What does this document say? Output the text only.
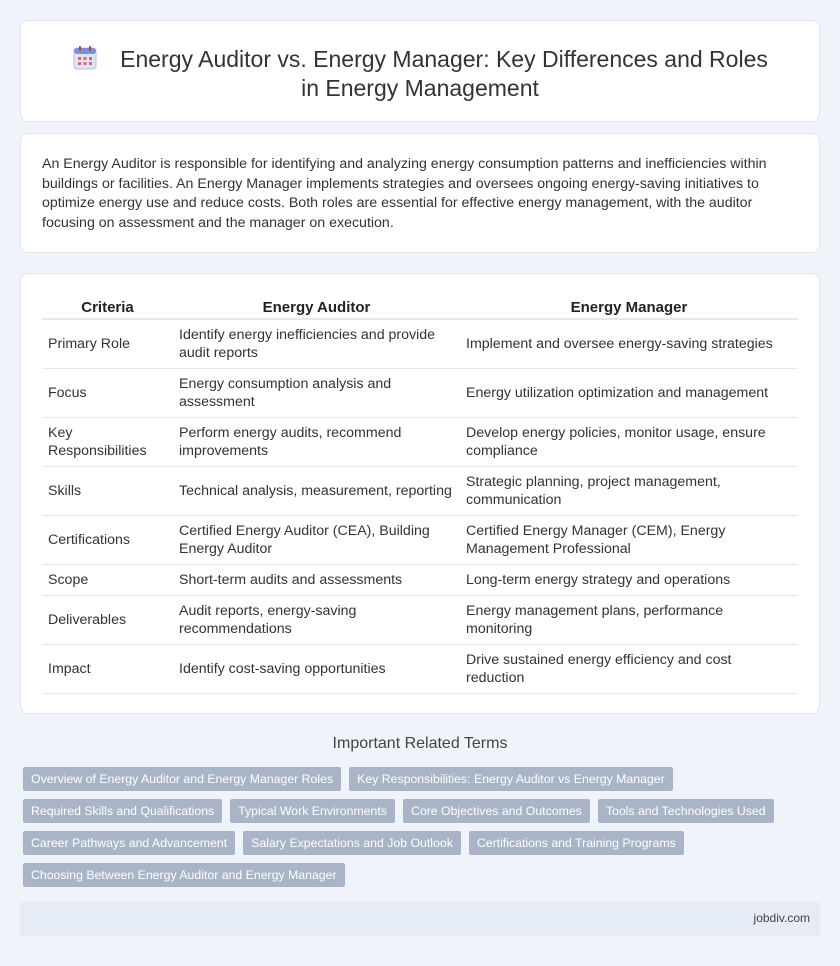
Energy Auditor vs. Energy Manager: Key Differences and Roles in Energy Management

An Energy Auditor is responsible for identifying and analyzing energy consumption patterns and inefficiencies within buildings or facilities. An Energy Manager implements strategies and oversees ongoing energy-saving initiatives to optimize energy use and reduce costs. Both roles are essential for effective energy management, with the auditor focusing on assessment and the manager on execution.

Criteria	Energy Auditor	Energy Manager
Primary Role	Identify energy inefficiencies and provide audit reports	Implement and oversee energy-saving strategies
Focus	Energy consumption analysis and assessment	Energy utilization optimization and management
Key Responsibilities	Perform energy audits, recommend improvements	Develop energy policies, monitor usage, ensure compliance
Skills	Technical analysis, measurement, reporting	Strategic planning, project management, communication
Certifications	Certified Energy Auditor (CEA), Building Energy Auditor	Certified Energy Manager (CEM), Energy Management Professional
Scope	Short-term audits and assessments	Long-term energy strategy and operations
Deliverables	Audit reports, energy-saving recommendations	Energy management plans, performance monitoring
Impact	Identify cost-saving opportunities	Drive sustained energy efficiency and cost reduction
Important Related Terms
Overview of Energy Auditor and Energy Manager Roles	Key Responsibilities: Energy Auditor vs Energy Manager
Required Skills and Qualifications	Typical Work Environments	Core Objectives and Outcomes	Tools and Technologies Used
Career Pathways and Advancement	Salary Expectations and Job Outlook	Certifications and Training Programs
Choosing Between Energy Auditor and Energy Manager
jobdiv.com
